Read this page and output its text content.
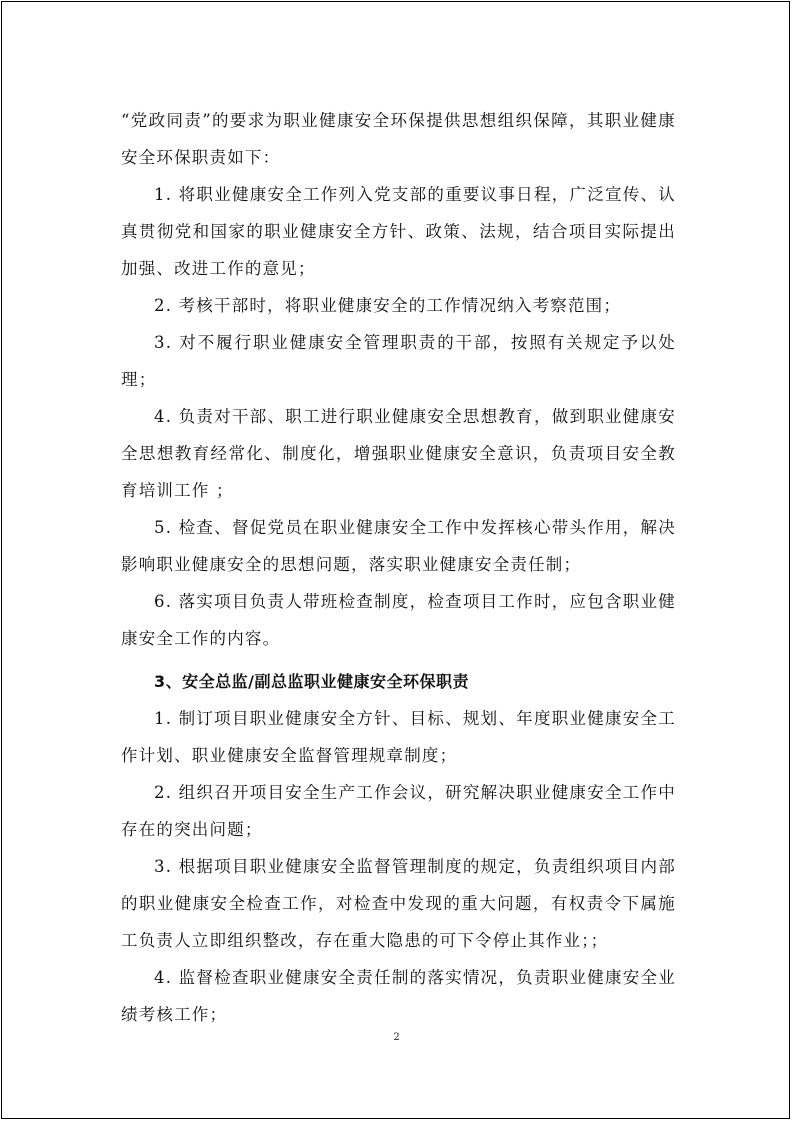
“党政同责”的要求为职业健康安全环保提供思想组织保障，其职业健康安全环保职责如下：

1. 将职业健康安全工作列入党支部的重要议事日程，广泛宣传、认真贯彻党和国家的职业健康安全方针、政策、法规，结合项目实际提出加强、改进工作的意见；

2. 考核干部时，将职业健康安全的工作情况纳入考察范围；

3. 对不履行职业健康安全管理职责的干部，按照有关规定予以处理；

4. 负责对干部、职工进行职业健康安全思想教育，做到职业健康安全思想教育经常化、制度化，增强职业健康安全意识，负责项目安全教育培训工作 ；

5. 检查、督促党员在职业健康安全工作中发挥核心带头作用，解决影响职业健康安全的思想问题，落实职业健康安全责任制；

6. 落实项目负责人带班检查制度，检查项目工作时，应包含职业健康安全工作的内容。

3、安全总监/副总监职业健康安全环保职责

1. 制订项目职业健康安全方针、目标、规划、年度职业健康安全工作计划、职业健康安全监督管理规章制度；

2. 组织召开项目安全生产工作会议，研究解决职业健康安全工作中存在的突出问题；

3. 根据项目职业健康安全监督管理制度的规定，负责组织项目内部的职业健康安全检查工作，对检查中发现的重大问题，有权责令下属施工负责人立即组织整改，存在重大隐患的可下令停止其作业；；

4. 监督检查职业健康安全责任制的落实情况，负责职业健康安全业绩考核工作；

2
